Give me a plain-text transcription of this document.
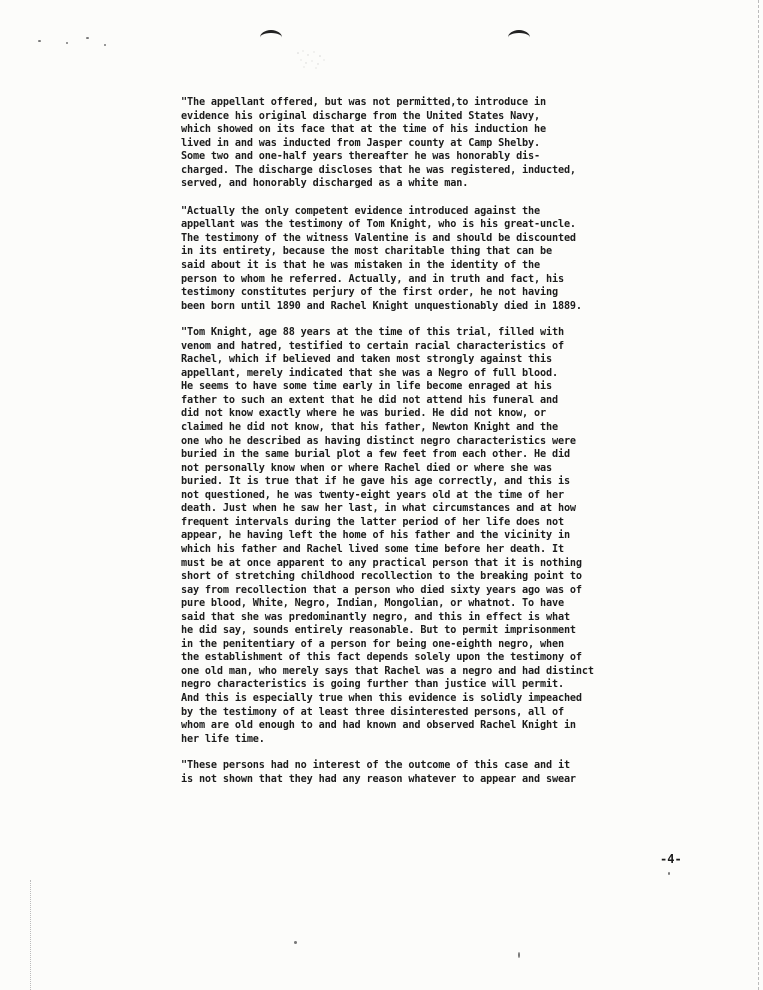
"The appellant offered, but was not permitted,to introduce in
evidence his original discharge from the United States Navy,
which showed on its face that at the time of his induction he
lived in and was inducted from Jasper county at Camp Shelby.
Some two and one-half years thereafter he was honorably dis-
charged. The discharge discloses that he was registered, inducted,
served, and honorably discharged as a white man.

"Actually the only competent evidence introduced against the
appellant was the testimony of Tom Knight, who is his great-uncle.
The testimony of the witness Valentine is and should be discounted
in its entirety, because the most charitable thing that can be
said about it is that he was mistaken in the identity of the
person to whom he referred. Actually, and in truth and fact, his
testimony constitutes perjury of the first order, he not having
been born until 1890 and Rachel Knight unquestionably died in 1889.

"Tom Knight, age 88 years at the time of this trial, filled with
venom and hatred, testified to certain racial characteristics of
Rachel, which if believed and taken most strongly against this
appellant, merely indicated that she was a Negro of full blood.
He seems to have some time early in life become enraged at his
father to such an extent that he did not attend his funeral and
did not know exactly where he was buried. He did not know, or
claimed he did not know, that his father, Newton Knight and the
one who he described as having distinct negro characteristics were
buried in the same burial plot a few feet from each other. He did
not personally know when or where Rachel died or where she was
buried. It is true that if he gave his age correctly, and this is
not questioned, he was twenty-eight years old at the time of her
death. Just when he saw her last, in what circumstances and at how
frequent intervals during the latter period of her life does not
appear, he having left the home of his father and the vicinity in
which his father and Rachel lived some time before her death. It
must be at once apparent to any practical person that it is nothing
short of stretching childhood recollection to the breaking point to
say from recollection that a person who died sixty years ago was of
pure blood, White, Negro, Indian, Mongolian, or whatnot. To have
said that she was predominantly negro, and this in effect is what
he did say, sounds entirely reasonable. But to permit imprisonment
in the penitentiary of a person for being one-eighth negro, when
the establishment of this fact depends solely upon the testimony of
one old man, who merely says that Rachel was a negro and had distinct
negro characteristics is going further than justice will permit.
And this is especially true when this evidence is solidly impeached
by the testimony of at least three disinterested persons, all of
whom are old enough to and had known and observed Rachel Knight in
her life time.

"These persons had no interest of the outcome of this case and it
is not shown that they had any reason whatever to appear and swear

-4-
